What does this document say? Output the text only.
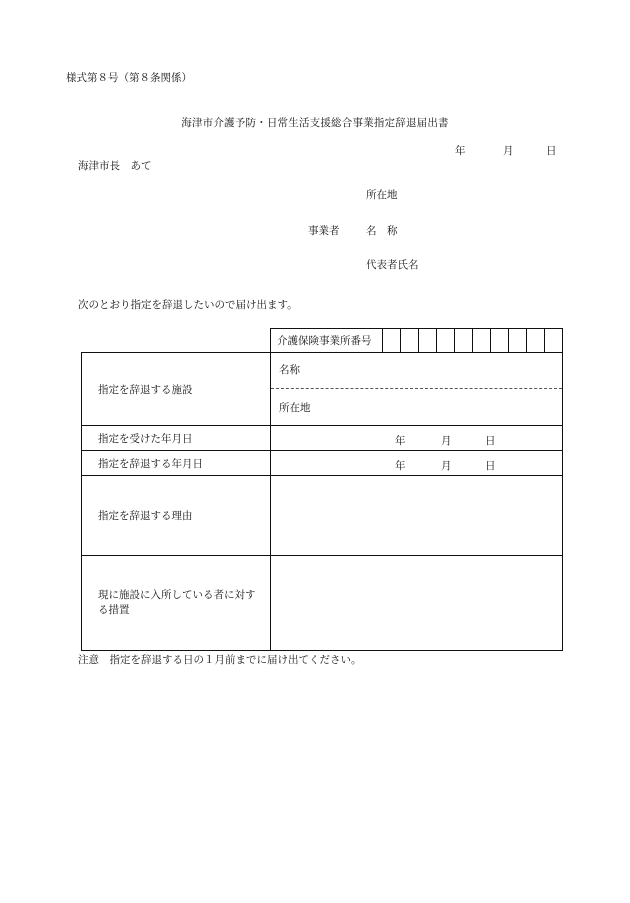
様式第８号（第８条関係）
海津市介護予防・日常生活支援総合事業指定辞退届出書
年	月	日
海津市長　あて
所在地
事業者	名　称
代表者氏名
次のとおり指定を辞退したいので届け出ます。
	介護保険事業所番号										
指定を辞退する施設	名称
所在地										

指定を受けた年月日	年 月 日										

指定を辞退する年月日	年 月 日										

指定を辞退する理由											

現に施設に入所している者に対する措置											

注意　指定を辞退する日の１月前までに届け出てください。
